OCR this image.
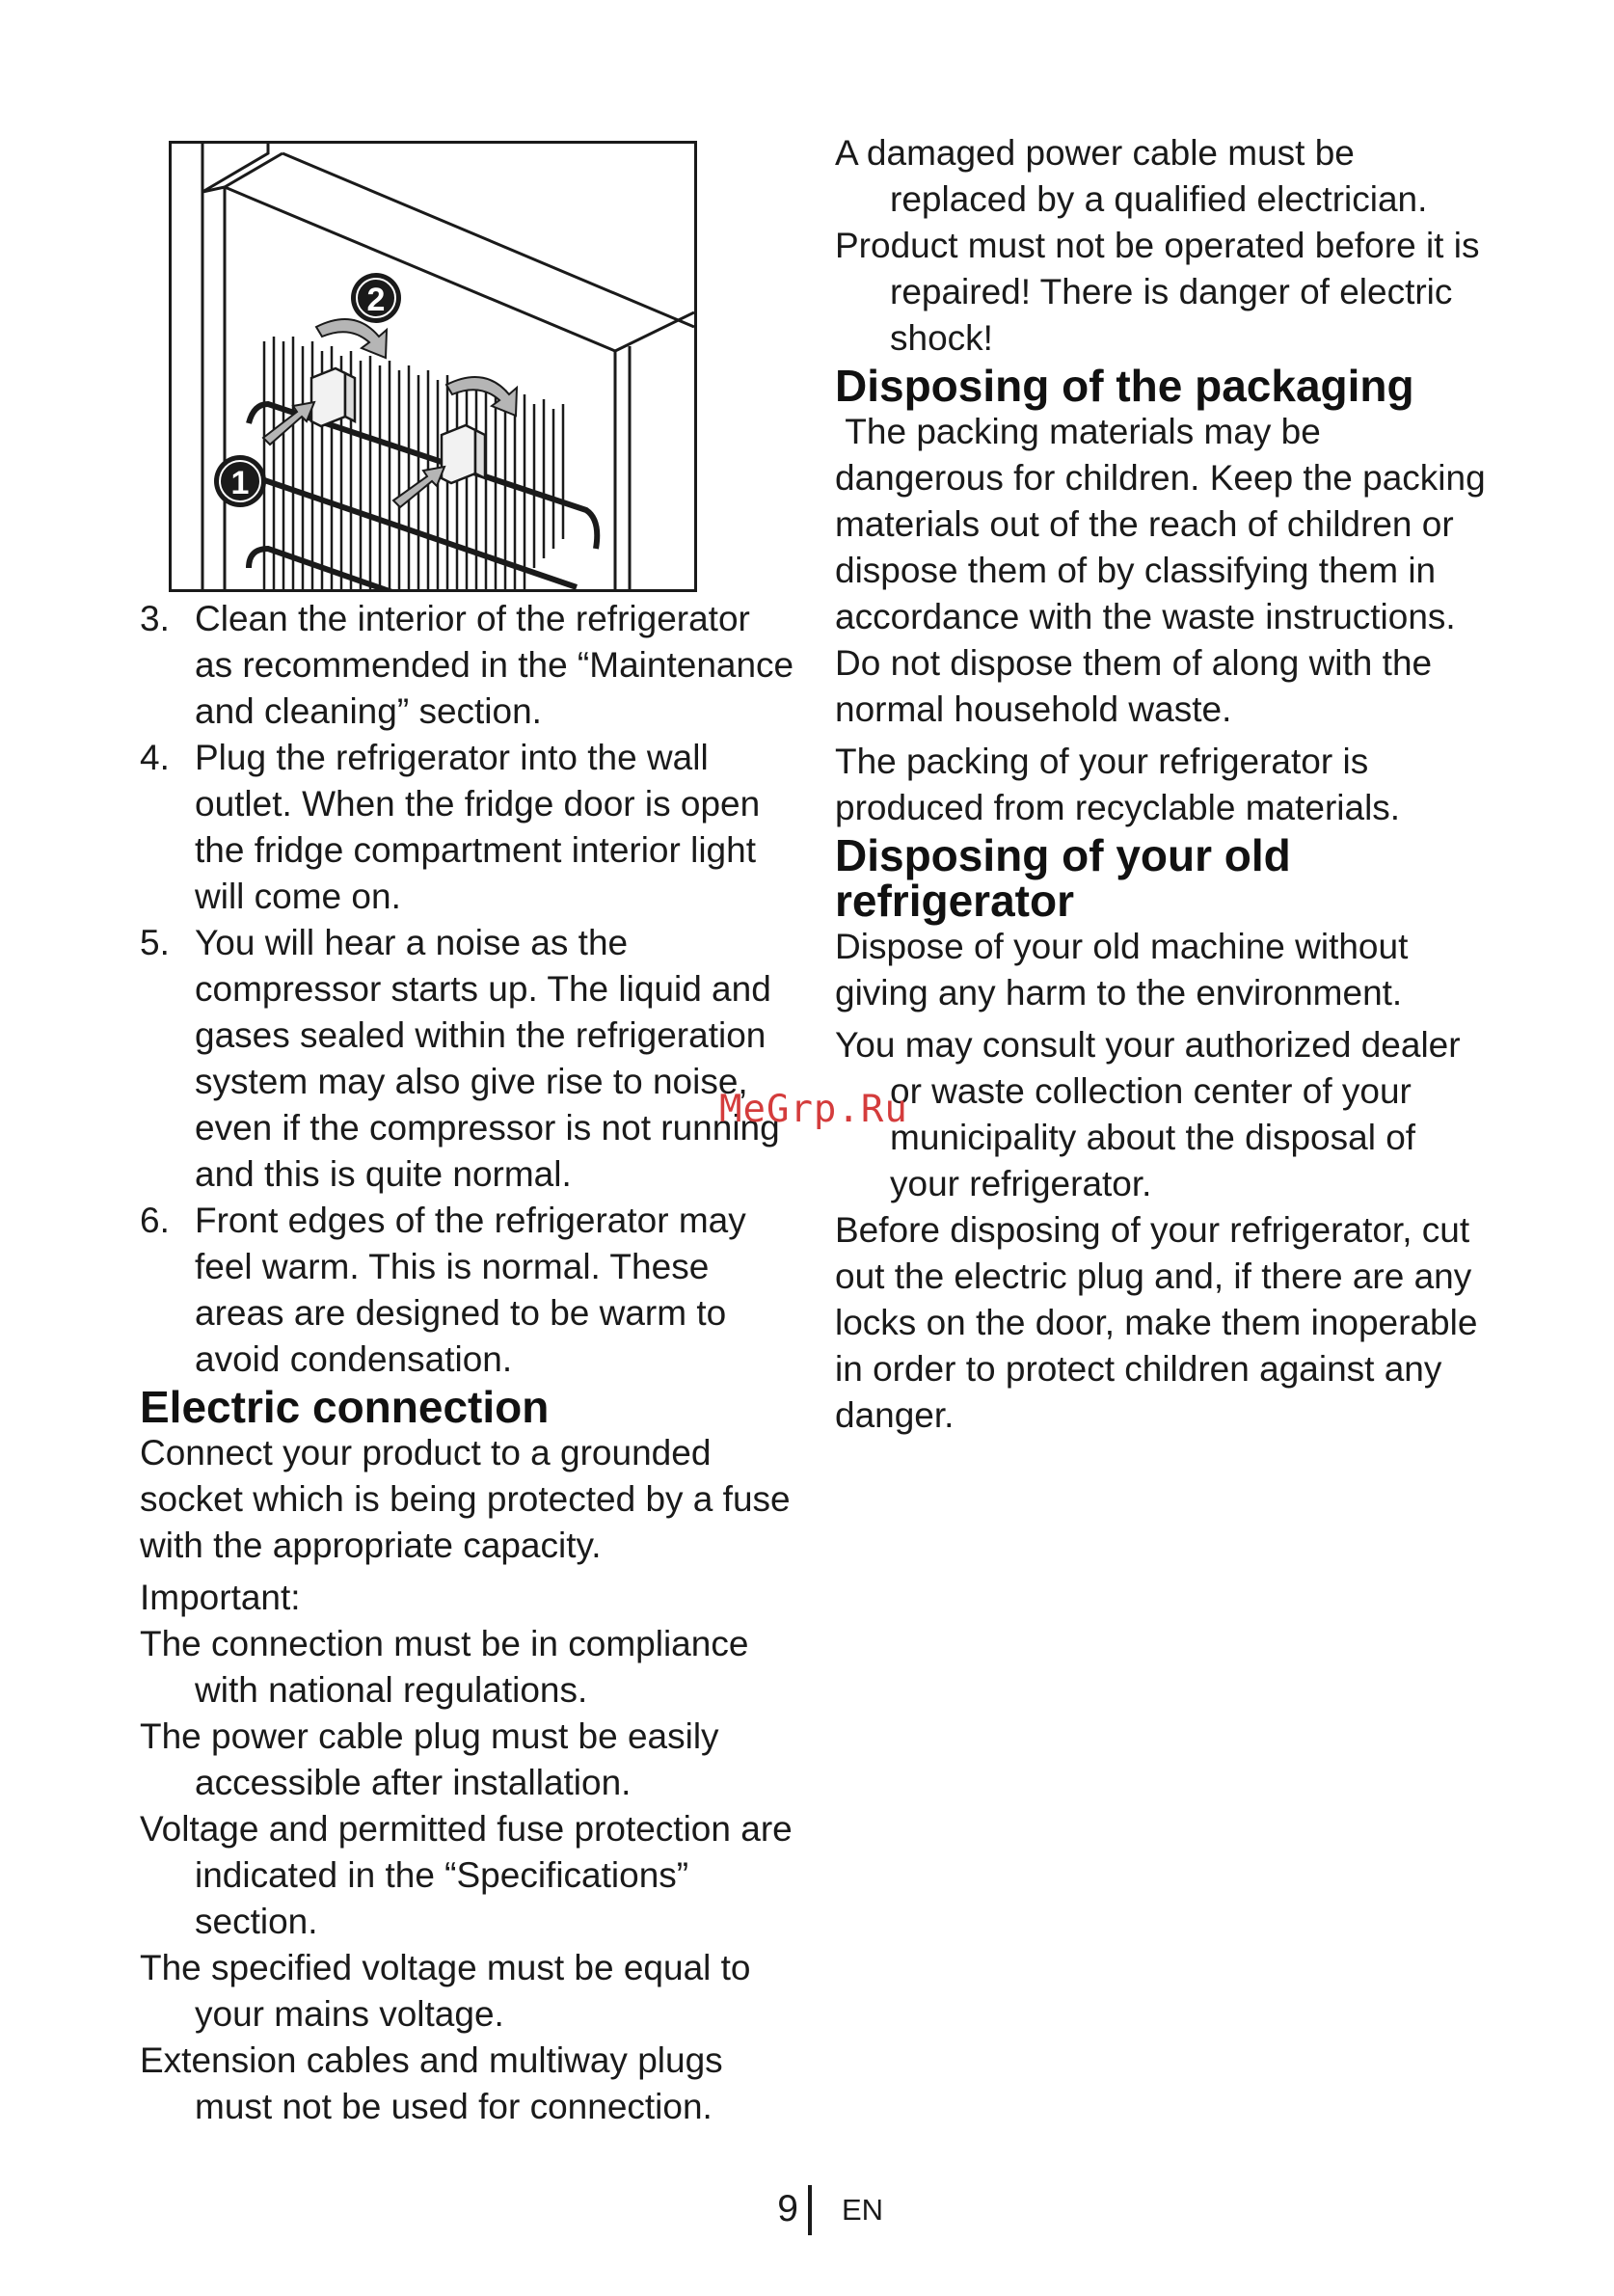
2
1
3. Clean the interior of the refrigerator as recommended in the “Maintenance and cleaning” section.
4. Plug the refrigerator into the wall outlet. When the fridge door is open the fridge compartment interior light will come on.
5. You will hear a noise as the compressor starts up. The liquid and gases sealed within the refrigeration system may also give rise to noise, even if the compressor is not running and this is quite normal.
6. Front edges of the refrigerator may feel warm. This is normal. These areas are designed to be warm to avoid condensation.
Electric connection

Connect your product to a grounded socket which is being protected by a fuse with the appropriate capacity.

Important:

The connection must be in compliance with national regulations.

The power cable plug must be easily accessible after installation.

Voltage and permitted fuse protection are indicated in the “Specifications” section.

The specified voltage must be equal to your mains voltage.

Extension cables and multiway plugs must not be used for connection.

A damaged power cable must be replaced by a qualified electrician.

Product must not be operated before it is repaired! There is danger of electric shock!

Disposing of the packaging

The packing materials may be dangerous for children. Keep the packing materials out of the reach of children or dispose them of by classifying them in accordance with the waste instructions. Do not dispose them of along with the normal household waste.

The packing of your refrigerator is produced from recyclable materials.

Disposing of your old refrigerator

Dispose of your old machine without giving any harm to the environment.

You may consult your authorized dealer or waste collection center of your municipality about the disposal of your refrigerator.

Before disposing of your refrigerator, cut out the electric plug and, if there are any locks on the door, make them inoperable in order to protect children against any danger.

MeGrp.Ru
9 EN
